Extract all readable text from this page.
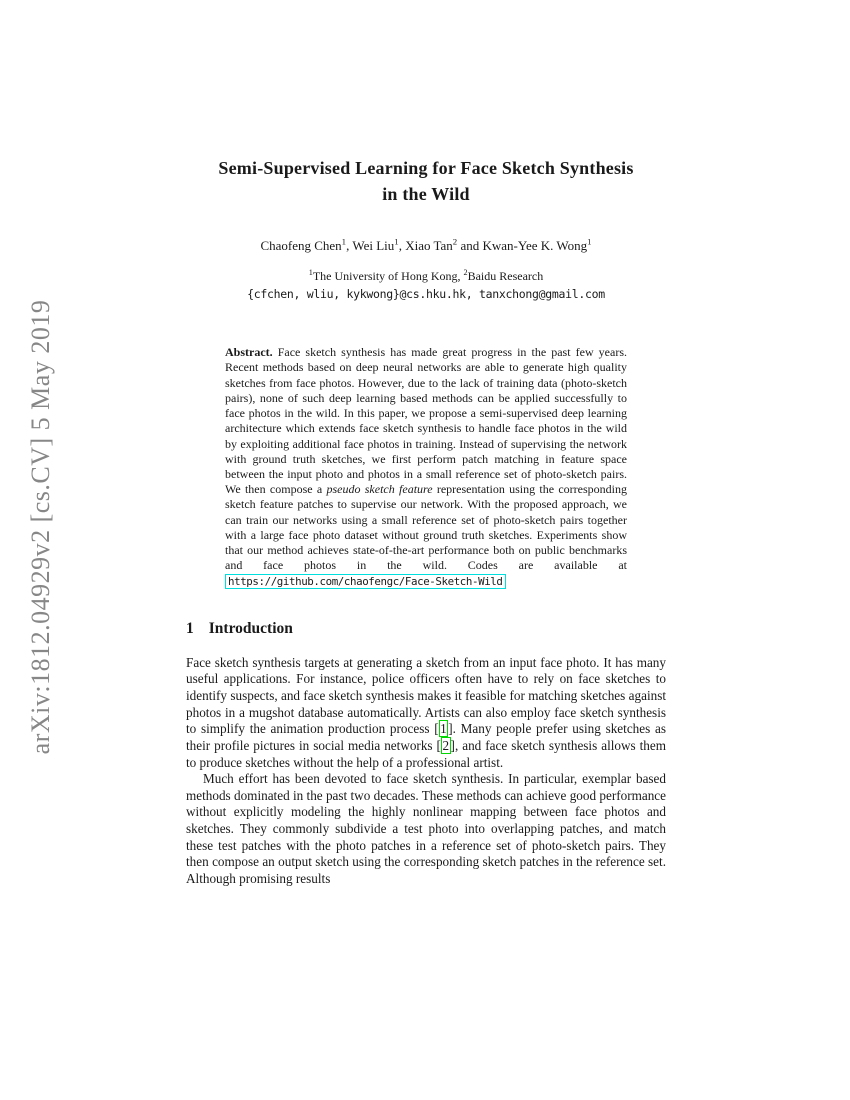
arXiv:1812.04929v2 [cs.CV] 5 May 2019
Semi-Supervised Learning for Face Sketch Synthesis in the Wild
Chaofeng Chen$^1$, Wei Liu$^1$, Xiao Tan$^2$ and Kwan-Yee K. Wong$^1$
$^1$The University of Hong Kong, $^2$Baidu Research
{cfchen, wliu, kykwong}@cs.hku.hk, tanxchong@gmail.com
Abstract. Face sketch synthesis has made great progress in the past few years. Recent methods based on deep neural networks are able to generate high quality sketches from face photos. However, due to the lack of training data (photo-sketch pairs), none of such deep learning based methods can be applied successfully to face photos in the wild. In this paper, we propose a semi-supervised deep learning architecture which extends face sketch synthesis to handle face photos in the wild by exploiting additional face photos in training. Instead of supervising the network with ground truth sketches, we first perform patch matching in feature space between the input photo and photos in a small reference set of photo-sketch pairs. We then compose a pseudo sketch feature representation using the corresponding sketch feature patches to supervise our network. With the proposed approach, we can train our networks using a small reference set of photo-sketch pairs together with a large face photo dataset without ground truth sketches. Experiments show that our method achieves state-of-the-art performance both on public benchmarks and face photos in the wild. Codes are available at https://github.com/chaofengc/Face-Sketch-Wild
1 Introduction

Face sketch synthesis targets at generating a sketch from an input face photo. It has many useful applications. For instance, police officers often have to rely on face sketches to identify suspects, and face sketch synthesis makes it feasible for matching sketches against photos in a mugshot database automatically. Artists can also employ face sketch synthesis to simplify the animation production process [ 1 ]. Many people prefer using sketches as their profile pictures in social media networks [ 2 ], and face sketch synthesis allows them to produce sketches without the help of a professional artist.

Much effort has been devoted to face sketch synthesis. In particular, exemplar based methods dominated in the past two decades. These methods can achieve good performance without explicitly modeling the highly nonlinear mapping between face photos and sketches. They commonly subdivide a test photo into overlapping patches, and match these test patches with the photo patches in a reference set of photo-sketch pairs. They then compose an output sketch using the corresponding sketch patches in the reference set. Although promising results
